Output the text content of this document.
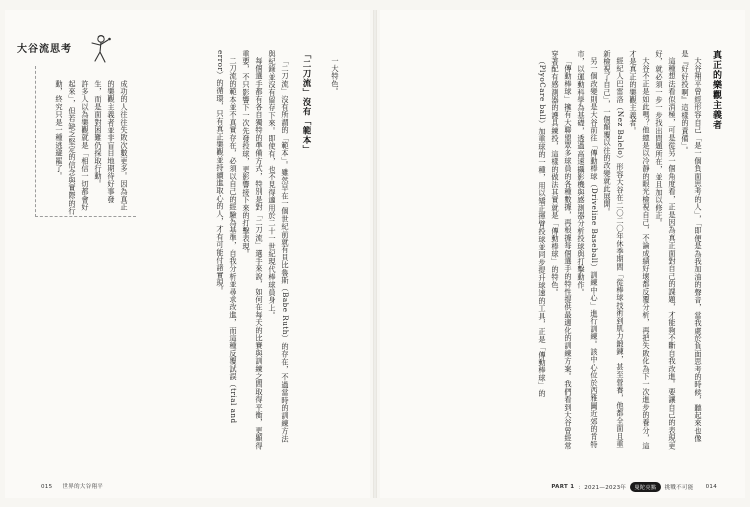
一大特色。

「二刀流」沒有「範本」

「二刀流」沒有所謂的「範本」。雖然早在一個世紀前就有貝比魯斯（Babe Ruth）的存在，不過當時的訓練方法與紀錄並沒有留存下來。即使有，也不見得適用於二十一世紀現代棒球員身上。

每個選手都有各自獨特的準備方式，特別是對「二刀流」選手來說，如何在每天的比賽與訓練之間取得平衡，更顯得重要，不只影響下一次先發投球，更影響接下來的打擊表現。

二刀流的範本並不真實存在，必須以自己的經驗為基準，自我分析並尋求改進，而這種反覆試誤（trial and error）的循環，只有真正樂觀並持續進取心的人，才有可能付諸實現。

大谷流思考

成功的人往往失敗次數更多。因為真正的樂觀主義者並非盲目地期待好事發生，而是面對困難仍採取行動。

許多人以為樂觀就是「相信一切都會好起來」，但若缺乏堅定的信念與實際的行動，終究只是一種逃避罷了。

015 世界的大谷翔平
真正的樂觀主義者

大谷翔平曾經形容自己「是一個負面思考的人」，「即便是為我加油的聲音，當我處於負面思考的時候，聽起來也像是『好好投啊』這樣的責備」。

這種想法看似消極，可是從另一個角度看，正是因為真正面對自己的課題，才能夠不斷自我改進。要讓自己的表現更好，就必須一步一步找出問題所在，並且加以修正。

大谷不正是如此嗎？他總是以冷靜的眼光檢視自己，不論成績好壞都反覆分析，再把失敗化為下一次進步的養分，這才是真正的樂觀主義者。

經紀人巴雷洛（Nez Balelo）形容大谷在二〇二〇年休季期間「從棒球技術到肌力鍛鍊，甚至營養，他都全面且重新檢視了自己」，一個顛覆以往的改變就此展開。

另一個改變則是大谷前往「傳動棒球（Driveline Baseball）訓練中心」進行訓練。該中心位於西雅圖近郊的肯特市，以運動科學為基礎，透過高速攝影機與感測器分析投球與打擊動作。

「傳動棒球」擁有大聯盟眾多球員的各種數據，再根據每個選手的特性提供最適化的訓練方案。我們看到大谷曾經常穿著配有感測器的護具練投，這樣的做法其實就是「傳動棒球」的特色。

（PlyoCare ball）加重球的一種，用以矯正揮臂投球並同步提升球速的工具，正是「傳動棒球」的

PART 1 ：2021—2023年	曼陀亮點	挑戰不可能 014
